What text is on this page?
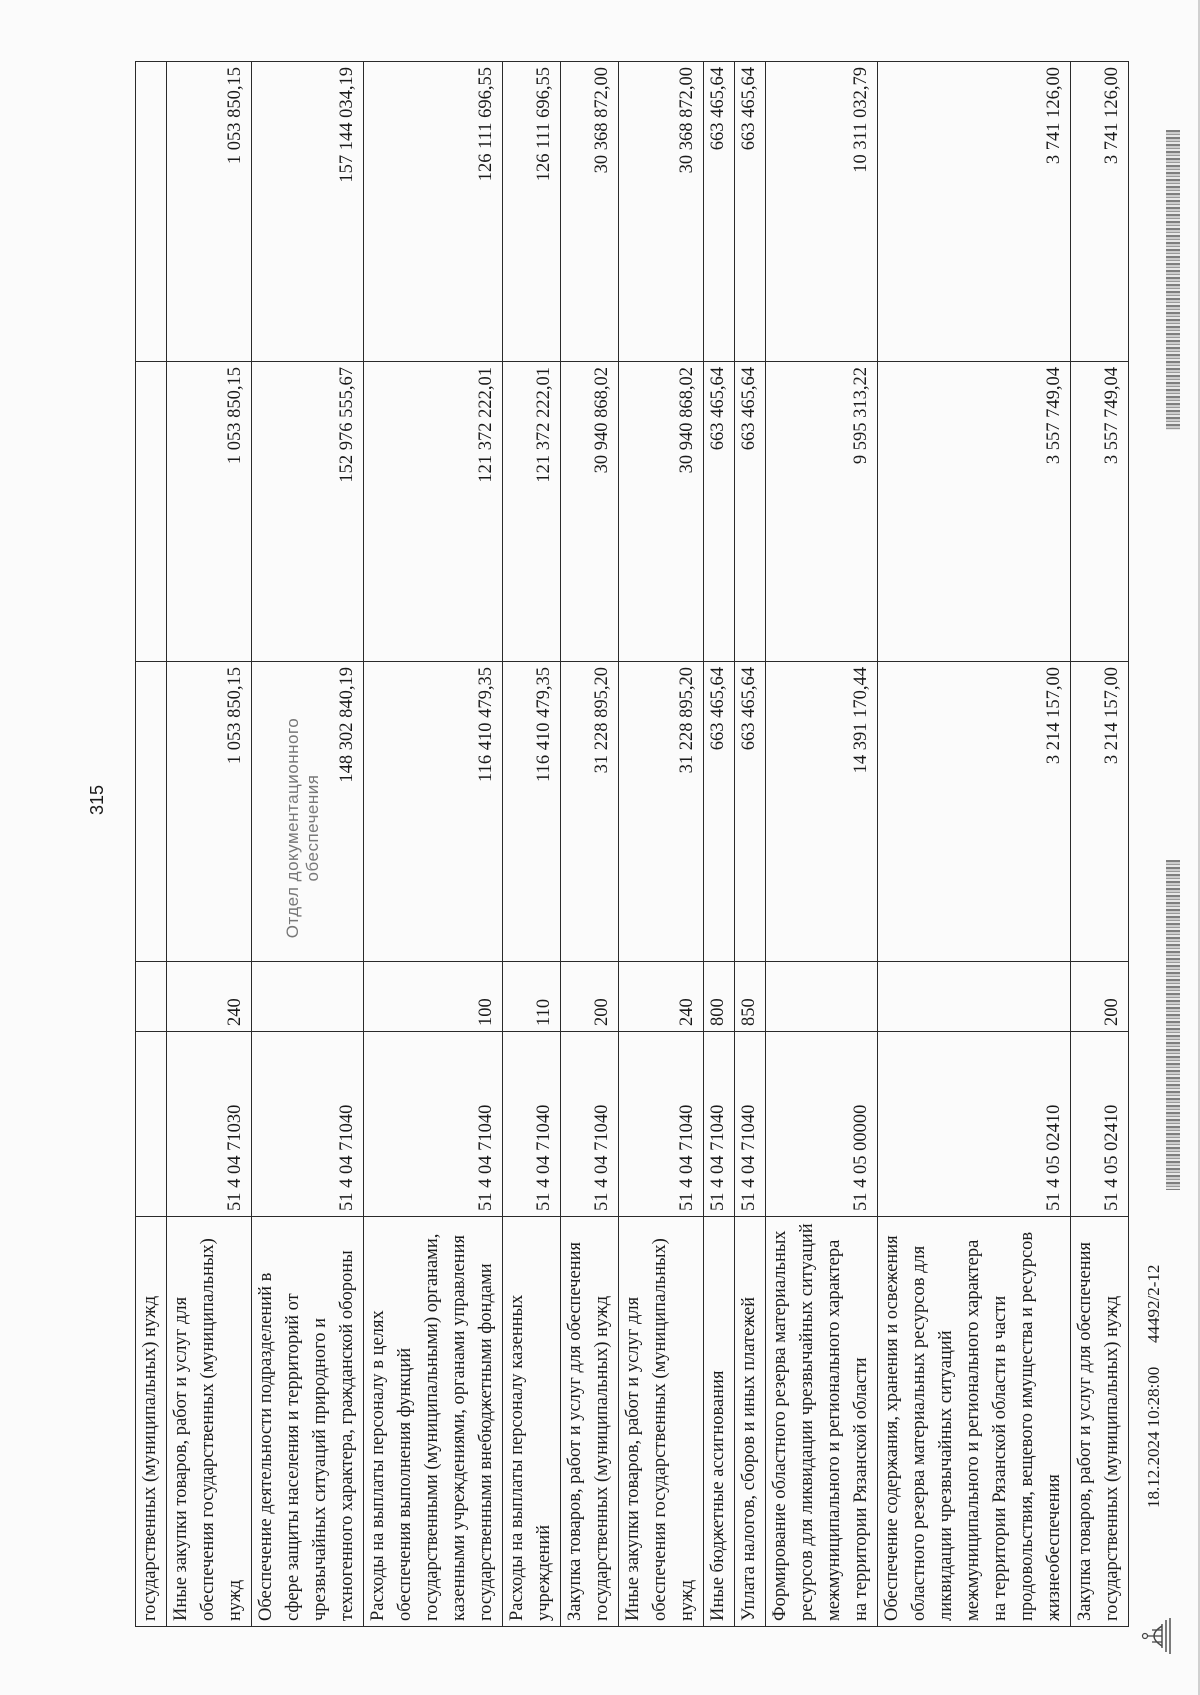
315	Отдел документационного обеспечения
государственных (муниципальных) нужд					
Иные закупки товаров, работ и услуг для обеспечения государственных (муниципальных) нужд	51 4 04 71030	240	1 053 850,15	1 053 850,15	1 053 850,15
Обеспечение деятельности подразделений в сфере защиты населения и территорий от чрезвычайных ситуаций природного и техногенного характера, гражданской обороны	51 4 04 71040		148 302 840,19	152 976 555,67	157 144 034,19
Расходы на выплаты персоналу в целях обеспечения выполнения функций государственными (муниципальными) органами, казенными учреждениями, органами управления государственными внебюджетными фондами	51 4 04 71040	100	116 410 479,35	121 372 222,01	126 111 696,55
Расходы на выплаты персоналу казенных учреждений	51 4 04 71040	110	116 410 479,35	121 372 222,01	126 111 696,55
Закупка товаров, работ и услуг для обеспечения государственных (муниципальных) нужд	51 4 04 71040	200	31 228 895,20	30 940 868,02	30 368 872,00
Иные закупки товаров, работ и услуг для обеспечения государственных (муниципальных) нужд	51 4 04 71040	240	31 228 895,20	30 940 868,02	30 368 872,00
Иные бюджетные ассигнования	51 4 04 71040	800	663 465,64	663 465,64	663 465,64
Уплата налогов, сборов и иных платежей	51 4 04 71040	850	663 465,64	663 465,64	663 465,64
Формирование областного резерва материальных ресурсов для ликвидации чрезвычайных ситуаций межмуниципального и регионального характера на территории Рязанской области	51 4 05 00000		14 391 170,44	9 595 313,22	10 311 032,79
Обеспечение содержания, хранения и освежения областного резерва материальных ресурсов для ликвидации чрезвычайных ситуаций межмуниципального и регионального характера на территории Рязанской области в части продовольствия, вещевого имущества и ресурсов жизнеобеспечения	51 4 05 02410		3 214 157,00	3 557 749,04	3 741 126,00
Закупка товаров, работ и услуг для обеспечения государственных (муниципальных) нужд	51 4 05 02410	200	3 214 157,00	3 557 749,04	3 741 126,00
18.12.2024 10:28:00
44492/2-12
